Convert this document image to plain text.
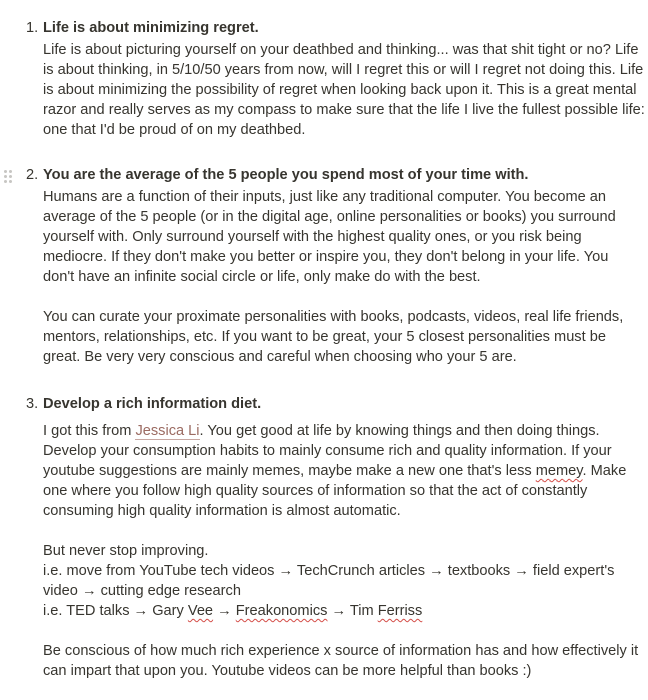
1. Life is about minimizing regret.
Life is about picturing yourself on your deathbed and thinking... was that shit tight or no? Life
is about thinking, in 5/10/50 years from now, will I regret this or will I regret not doing this. Life
is about minimizing the possibility of regret when looking back upon it. This is a great mental
razor and really serves as my compass to make sure that the life I live the fullest possible life:
one that I'd be proud of on my deathbed.
2. You are the average of the 5 people you spend most of your time with.
Humans are a function of their inputs, just like any traditional computer. You become an
average of the 5 people (or in the digital age, online personalities or books) you surround
yourself with. Only surround yourself with the highest quality ones, or you risk being
mediocre. If they don't make you better or inspire you, they don't belong in your life. You
don't have an infinite social circle or life, only make do with the best.
You can curate your proximate personalities with books, podcasts, videos, real life friends,
mentors, relationships, etc. If you want to be great, your 5 closest personalities must be
great. Be very very conscious and careful when choosing who your 5 are.
3. Develop a rich information diet.
I got this from Jessica Li. You get good at life by knowing things and then doing things.
Develop your consumption habits to mainly consume rich and quality information. If your
youtube suggestions are mainly memes, maybe make a new one that's less memey. Make
one where you follow high quality sources of information so that the act of constantly
consuming high quality information is almost automatic.
But never stop improving.
i.e. move from YouTube tech videos → TechCrunch articles → textbooks → field expert's
video → cutting edge research
i.e. TED talks → Gary Vee → Freakonomics → Tim Ferriss
Be conscious of how much rich experience x source of information has and how effectively it
can impart that upon you. Youtube videos can be more helpful than books :)
